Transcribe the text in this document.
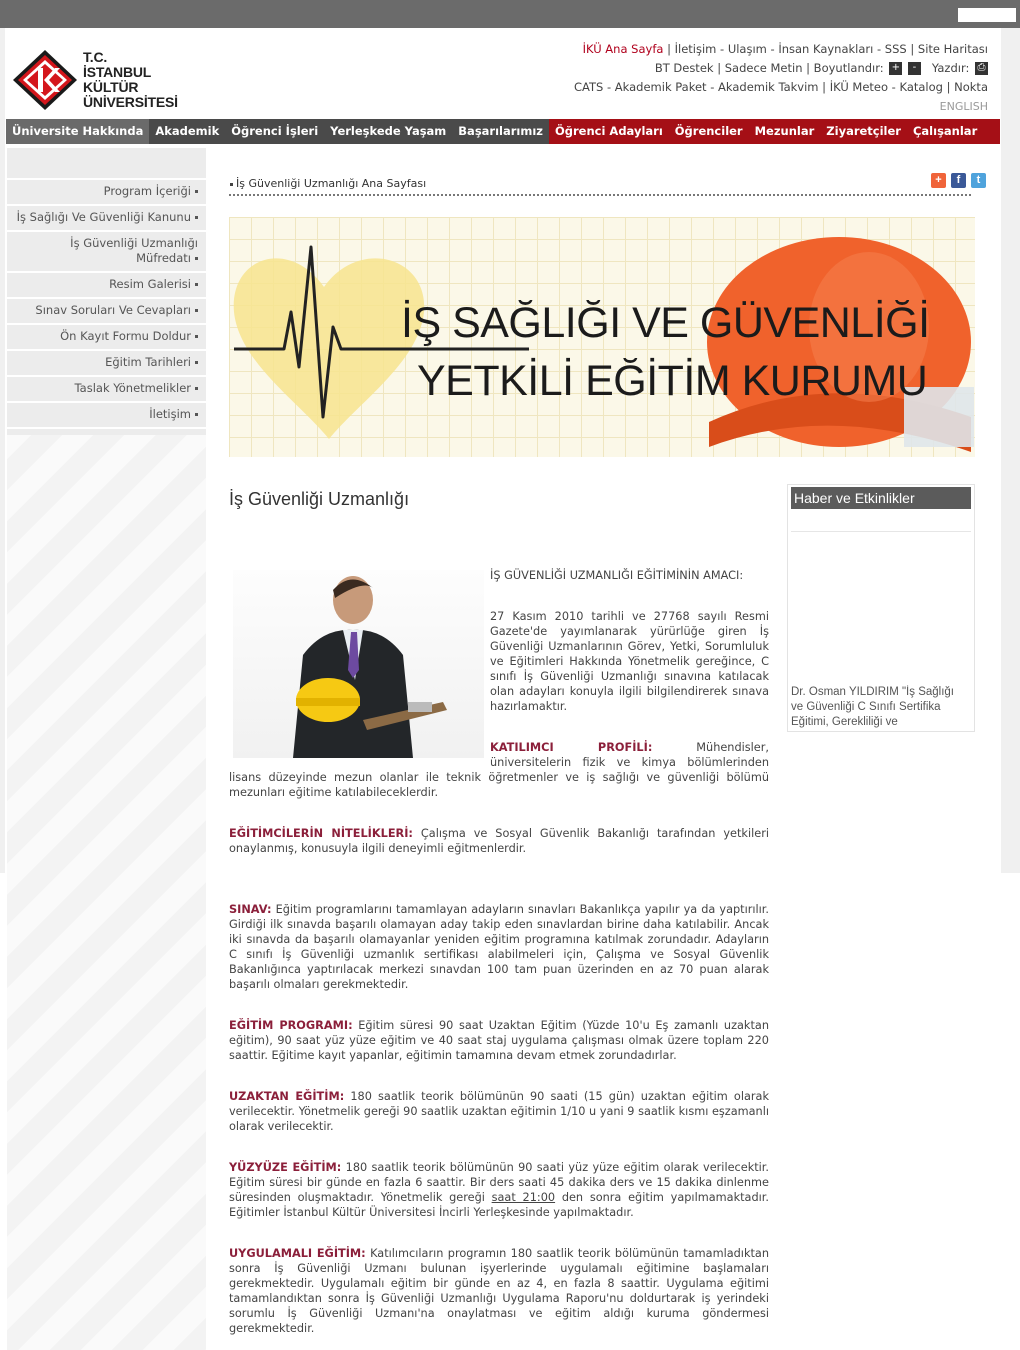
T.C.
İSTANBUL
KÜLTÜR
ÜNİVERSİTESİ
İKÜ Ana Sayfa | İletişim - Ulaşım - İnsan Kaynakları - SSS | Site Haritası
BT Destek | Sadece Metin | Boyutlandır: + - Yazdır: ⎙
CATS - Akademik Paket - Akademik Takvim | İKÜ Meteo - Katalog | Nokta
ENGLISH
Üniversite Hakkında	Akademik	Öğrenci İşleri	Yerleşkede Yaşam	Başarılarımız	Öğrenci Adayları	Öğrenciler	Mezunlar	Ziyaretçiler	Çalışanlar
Program İçeriği
İş Sağlığı Ve Güvenliği Kanunu
İş Güvenliği Uzmanlığı Müfredatı
Resim Galerisi
Sınav Soruları Ve Cevapları
Ön Kayıt Formu Doldur
Eğitim Tarihleri
Taslak Yönetmelikler
İletişim
İş Güvenliği Uzmanlığı Ana Sayfası	+	f	t
İŞ SAĞLIĞI VE GÜVENLİĞİ
YETKİLİ EĞİTİM KURUMU
İş Güvenliği Uzmanlığı

İŞ GÜVENLİĞİ UZMANLIĞI EĞİTİMİNİN AMACI:

27 Kasım 2010 tarihli ve 27768 sayılı Resmi Gazete'de yayımlanarak yürürlüğe giren İş Güvenliği Uzmanlarının Görev, Yetki, Sorumluluk ve Eğitimleri Hakkında Yönetmelik gereğince, C sınıfı İş Güvenliği Uzmanlığı sınavına katılacak olan adayları konuyla ilgili bilgilendirerek sınava hazırlamaktır.

KATILIMCI PROFİLİ: Mühendisler, üniversitelerin fizik ve kimya bölümlerinden lisans düzeyinde mezun olanlar ile teknik öğretmenler ve iş sağlığı ve güvenliği bölümü mezunları eğitime katılabileceklerdir.

EĞİTİMCİLERİN NİTELİKLERİ: Çalışma ve Sosyal Güvenlik Bakanlığı tarafından yetkileri onaylanmış, konusuyla ilgili deneyimli eğitmenlerdir.

SINAV: Eğitim programlarını tamamlayan adayların sınavları Bakanlıkça yapılır ya da yaptırılır. Girdiği ilk sınavda başarılı olamayan aday takip eden sınavlardan birine daha katılabilir. Ancak iki sınavda da başarılı olamayanlar yeniden eğitim programına katılmak zorundadır. Adayların C sınıfı İş Güvenliği uzmanlık sertifikası alabilmeleri için, Çalışma ve Sosyal Güvenlik Bakanlığınca yaptırılacak merkezi sınavdan 100 tam puan üzerinden en az 70 puan alarak başarılı olmaları gerekmektedir.

EĞİTİM PROGRAMI: Eğitim süresi 90 saat Uzaktan Eğitim (Yüzde 10'u Eş zamanlı uzaktan eğitim), 90 saat yüz yüze eğitim ve 40 saat staj uygulama çalışması olmak üzere toplam 220 saattir. Eğitime kayıt yapanlar, eğitimin tamamına devam etmek zorundadırlar.

UZAKTAN EĞİTİM: 180 saatlik teorik bölümünün 90 saati (15 gün) uzaktan eğitim olarak verilecektir. Yönetmelik gereği 90 saatlik uzaktan eğitimin 1/10 u yani 9 saatlik kısmı eşzamanlı olarak verilecektir.

YÜZYÜZE EĞİTİM: 180 saatlik teorik bölümünün 90 saati yüz yüze eğitim olarak verilecektir. Eğitim süresi bir günde en fazla 6 saattir. Bir ders saati 45 dakika ders ve 15 dakika dinlenme süresinden oluşmaktadır. Yönetmelik gereği saat 21:00 den sonra eğitim yapılmamaktadır. Eğitimler İstanbul Kültür Üniversitesi İncirli Yerleşkesinde yapılmaktadır.

UYGULAMALI EĞİTİM: Katılımcıların programın 180 saatlik teorik bölümünün tamamladıktan sonra İş Güvenliği Uzmanı bulunan işyerlerinde uygulamalı eğitimine başlamaları gerekmektedir. Uygulamalı eğitim bir günde en az 4, en fazla 8 saattir. Uygulama eğitimi tamamlandıktan sonra İş Güvenliği Uzmanlığı Uygulama Raporu'nu doldurtarak iş yerindeki sorumlu İş Güvenliği Uzmanı'na onaylatması ve eğitim aldığı kuruma göndermesi gerekmektedir.

Haber ve Etkinlikler
Dr. Osman YILDIRIM "İş Sağlığı ve Güvenliği C Sınıfı Sertifika Eğitimi, Gerekliliği ve
